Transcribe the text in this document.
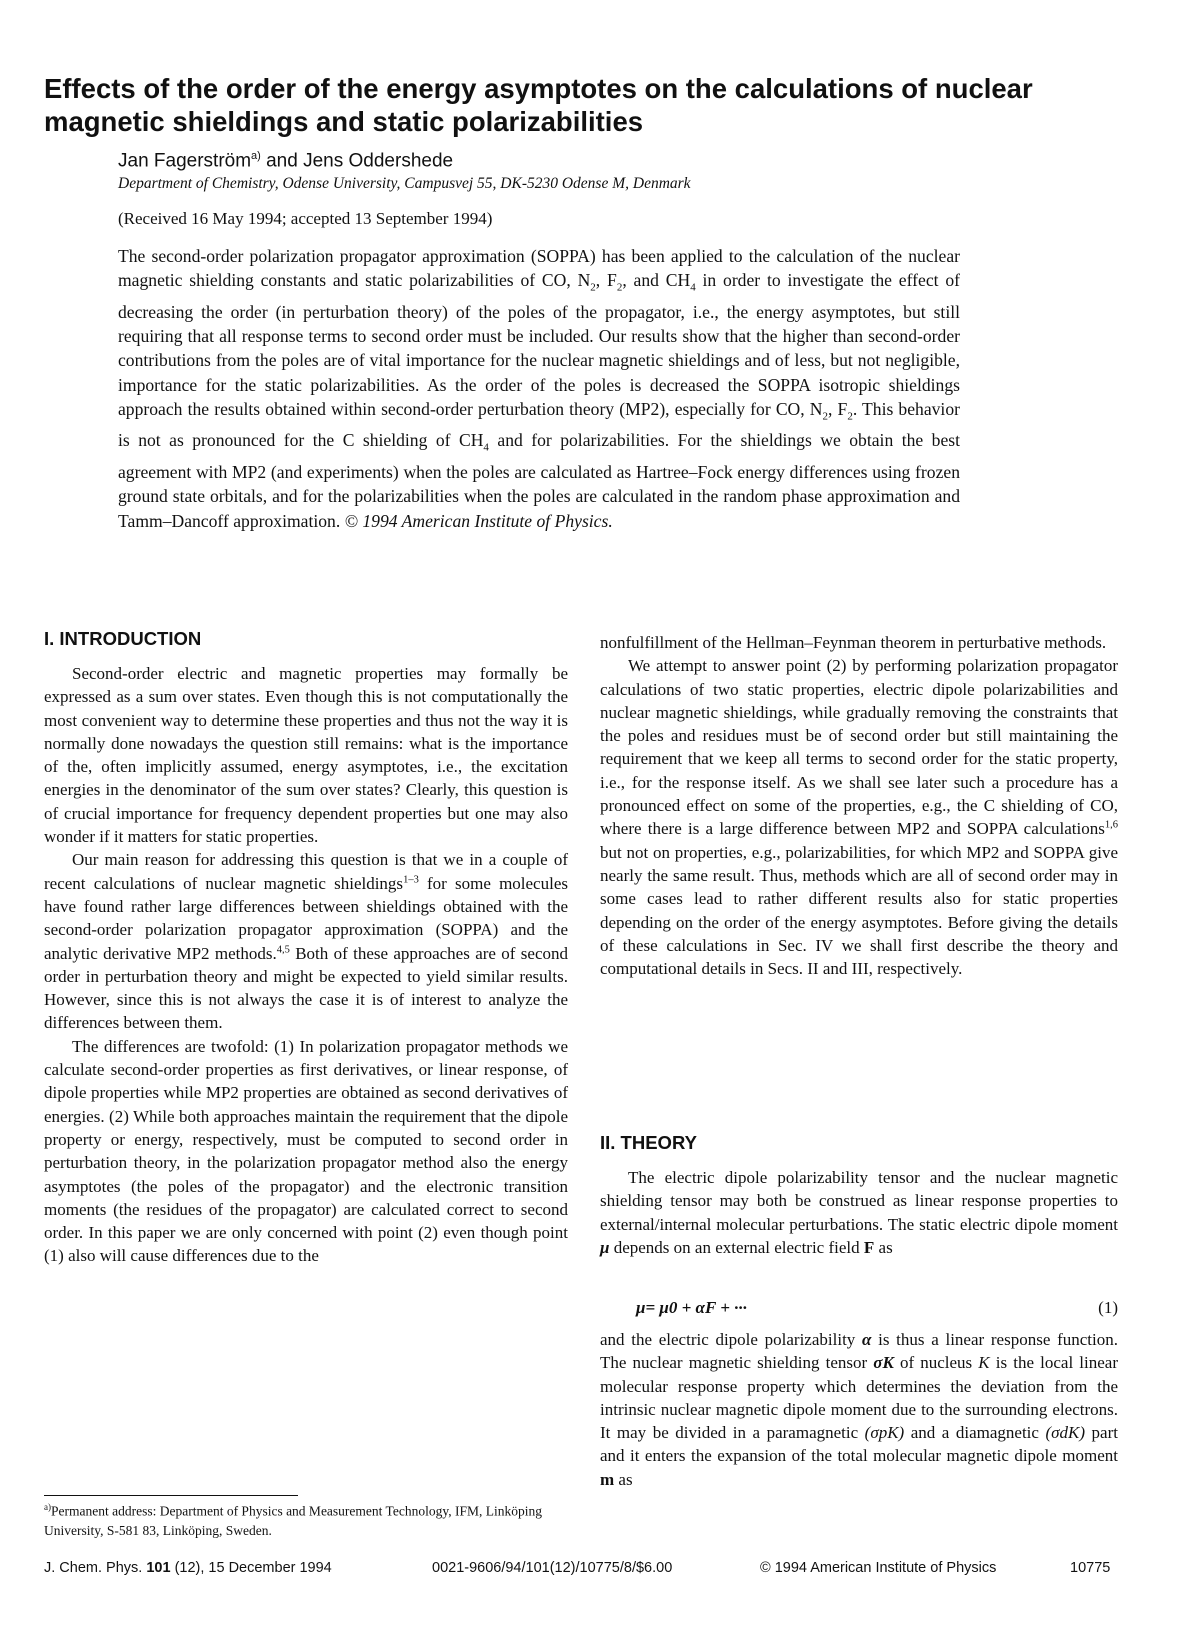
Effects of the order of the energy asymptotes on the calculations of nuclear magnetic shieldings and static polarizabilities
Jan Fagerström$^{a)}$ and Jens Oddershede
Department of Chemistry, Odense University, Campusvej 55, DK-5230 Odense M, Denmark
(Received 16 May 1994; accepted 13 September 1994)

The second-order polarization propagator approximation (SOPPA) has been applied to the calculation of the nuclear magnetic shielding constants and static polarizabilities of CO, $N_2$, $F_2$, and $CH_4$ in order to investigate the effect of decreasing the order (in perturbation theory) of the poles of the propagator, i.e., the energy asymptotes, but still requiring that all response terms to second order must be included. Our results show that the higher than second-order contributions from the poles are of vital importance for the nuclear magnetic shieldings and of less, but not negligible, importance for the static polarizabilities. As the order of the poles is decreased the SOPPA isotropic shieldings approach the results obtained within second-order perturbation theory (MP2), especially for CO, $N_2$, $F_2$. This behavior is not as pronounced for the C shielding of $CH_4$ and for polarizabilities. For the shieldings we obtain the best agreement with MP2 (and experiments) when the poles are calculated as Hartree–Fock energy differences using frozen ground state orbitals, and for the polarizabilities when the poles are calculated in the random phase approximation and Tamm–Dancoff approximation. © 1994 American Institute of Physics.

I. INTRODUCTION

Second-order electric and magnetic properties may formally be expressed as a sum over states. Even though this is not computationally the most convenient way to determine these properties and thus not the way it is normally done nowadays the question still remains: what is the importance of the, often implicitly assumed, energy asymptotes, i.e., the excitation energies in the denominator of the sum over states? Clearly, this question is of crucial importance for frequency dependent properties but one may also wonder if it matters for static properties.

Our main reason for addressing this question is that we in a couple of recent calculations of nuclear magnetic shieldings$^{1-3}$ for some molecules have found rather large differences between shieldings obtained with the second-order polarization propagator approximation (SOPPA) and the analytic derivative MP2 methods.$^{4,5}$ Both of these approaches are of second order in perturbation theory and might be expected to yield similar results. However, since this is not always the case it is of interest to analyze the differences between them.

The differences are twofold: (1) In polarization propagator methods we calculate second-order properties as first derivatives, or linear response, of dipole properties while MP2 properties are obtained as second derivatives of energies. (2) While both approaches maintain the requirement that the dipole property or energy, respectively, must be computed to second order in perturbation theory, in the polarization propagator method also the energy asymptotes (the poles of the propagator) and the electronic transition moments (the residues of the propagator) are calculated correct to second order. In this paper we are only concerned with point (2) even though point (1) also will cause differences due to the

nonfulfillment of the Hellman–Feynman theorem in perturbative methods.

We attempt to answer point (2) by performing polarization propagator calculations of two static properties, electric dipole polarizabilities and nuclear magnetic shieldings, while gradually removing the constraints that the poles and residues must be of second order but still maintaining the requirement that we keep all terms to second order for the static property, i.e., for the response itself. As we shall see later such a procedure has a pronounced effect on some of the properties, e.g., the C shielding of CO, where there is a large difference between MP2 and SOPPA calculations$^{1,6}$ but not on properties, e.g., polarizabilities, for which MP2 and SOPPA give nearly the same result. Thus, methods which are all of second order may in some cases lead to rather different results also for static properties depending on the order of the energy asymptotes. Before giving the details of these calculations in Sec. IV we shall first describe the theory and computational details in Secs. II and III, respectively.

II. THEORY

The electric dipole polarizability tensor and the nuclear magnetic shielding tensor may both be construed as linear response properties to external/internal molecular perturbations. The static electric dipole moment μ depends on an external electric field F as

μ= μ0 + αF + ···	(1)

and the electric dipole polarizability α is thus a linear response function. The nuclear magnetic shielding tensor σK of nucleus K is the local linear molecular response property which determines the deviation from the intrinsic nuclear magnetic dipole moment due to the surrounding electrons. It may be divided in a paramagnetic (σpK) and a diamagnetic (σdK) part and it enters the expansion of the total molecular magnetic dipole moment m as

$^{a)}$Permanent address: Department of Physics and Measurement Technology, IFM, Linköping University, S-581 83, Linköping, Sweden.
J. Chem. Phys. 101 (12), 15 December 1994	0021-9606/94/101(12)/10775/8/$6.00	© 1994 American Institute of Physics	10775
